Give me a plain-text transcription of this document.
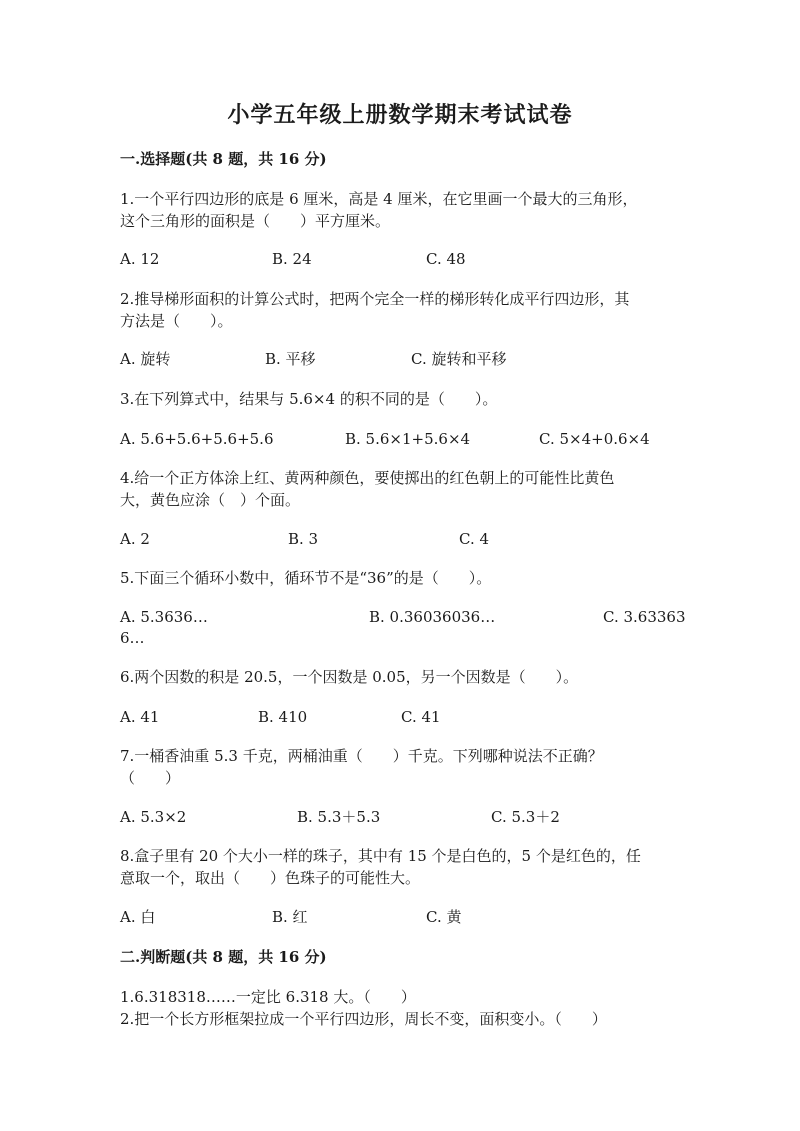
小学五年级上册数学期末考试试卷
一.选择题(共 8 题，共 16 分)
1.一个平行四边形的底是 6 厘米，高是 4 厘米，在它里画一个最大的三角形，
这个三角形的面积是（　　）平方厘米。
A. 12	B. 24	C. 48
2.推导梯形面积的计算公式时，把两个完全一样的梯形转化成平行四边形，其
方法是（　　）。
A. 旋转	B. 平移	C. 旋转和平移
3.在下列算式中，结果与 5.6×4 的积不同的是（　　）。
A. 5.6+5.6+5.6+5.6	B. 5.6×1+5.6×4	C. 5×4+0.6×4
4.给一个正方体涂上红、黄两种颜色，要使掷出的红色朝上的可能性比黄色
大，黄色应涂（　）个面。
A. 2	B. 3	C. 4
5.下面三个循环小数中，循环节不是“36”的是（　　）。
A. 5.3636…	B. 0.36036036…	C. 3.63363
6…
6.两个因数的积是 20.5，一个因数是 0.05，另一个因数是（　　）。
A. 41	B. 410	C. 41
7.一桶香油重 5.3 千克，两桶油重（　　）千克。下列哪种说法不正确？
（　　）
A. 5.3×2	B. 5.3＋5.3	C. 5.3＋2
8.盒子里有 20 个大小一样的珠子，其中有 15 个是白色的，5 个是红色的，任
意取一个，取出（　　）色珠子的可能性大。
A. 白	B. 红	C. 黄
二.判断题(共 8 题，共 16 分)
1.6.318318……一定比 6.318 大。（　　）
2.把一个长方形框架拉成一个平行四边形，周长不变，面积变小。（　　）
